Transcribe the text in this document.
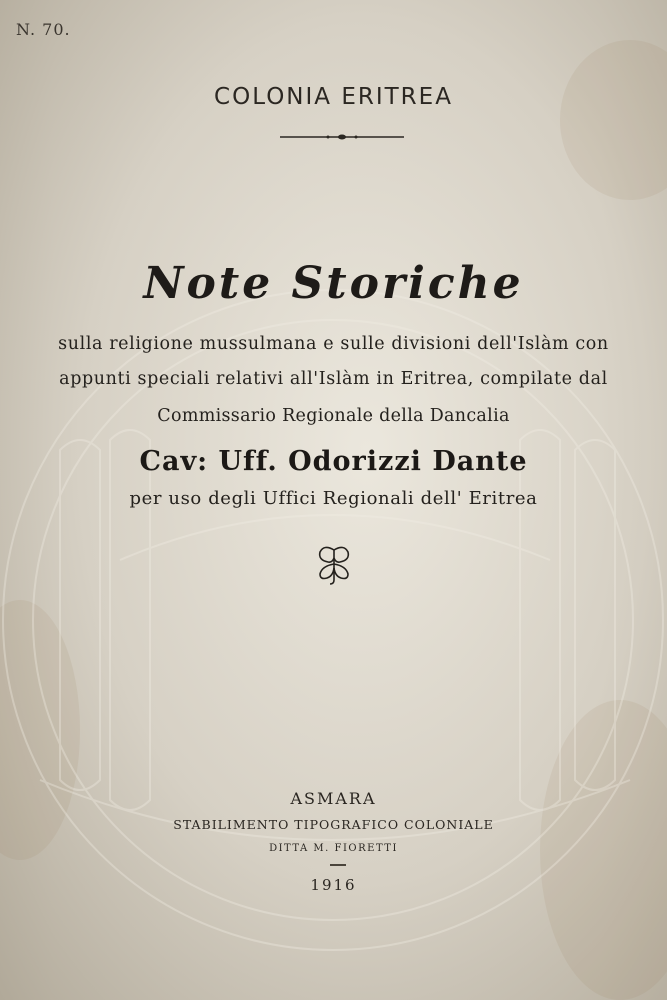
N. 70.
COLONIA ERITREA
Note Storiche
sulla religione mussulmana e sulle divisioni dell'Islàm con
appunti speciali relativi all'Islàm in Eritrea, compilate dal
Commissario Regionale della Dancalia
Cav: Uff. Odorizzi Dante
per uso degli Uffici Regionali dell' Eritrea
ASMARA
STABILIMENTO TIPOGRAFICO COLONIALE
DITTA M. FIORETTI
1916
